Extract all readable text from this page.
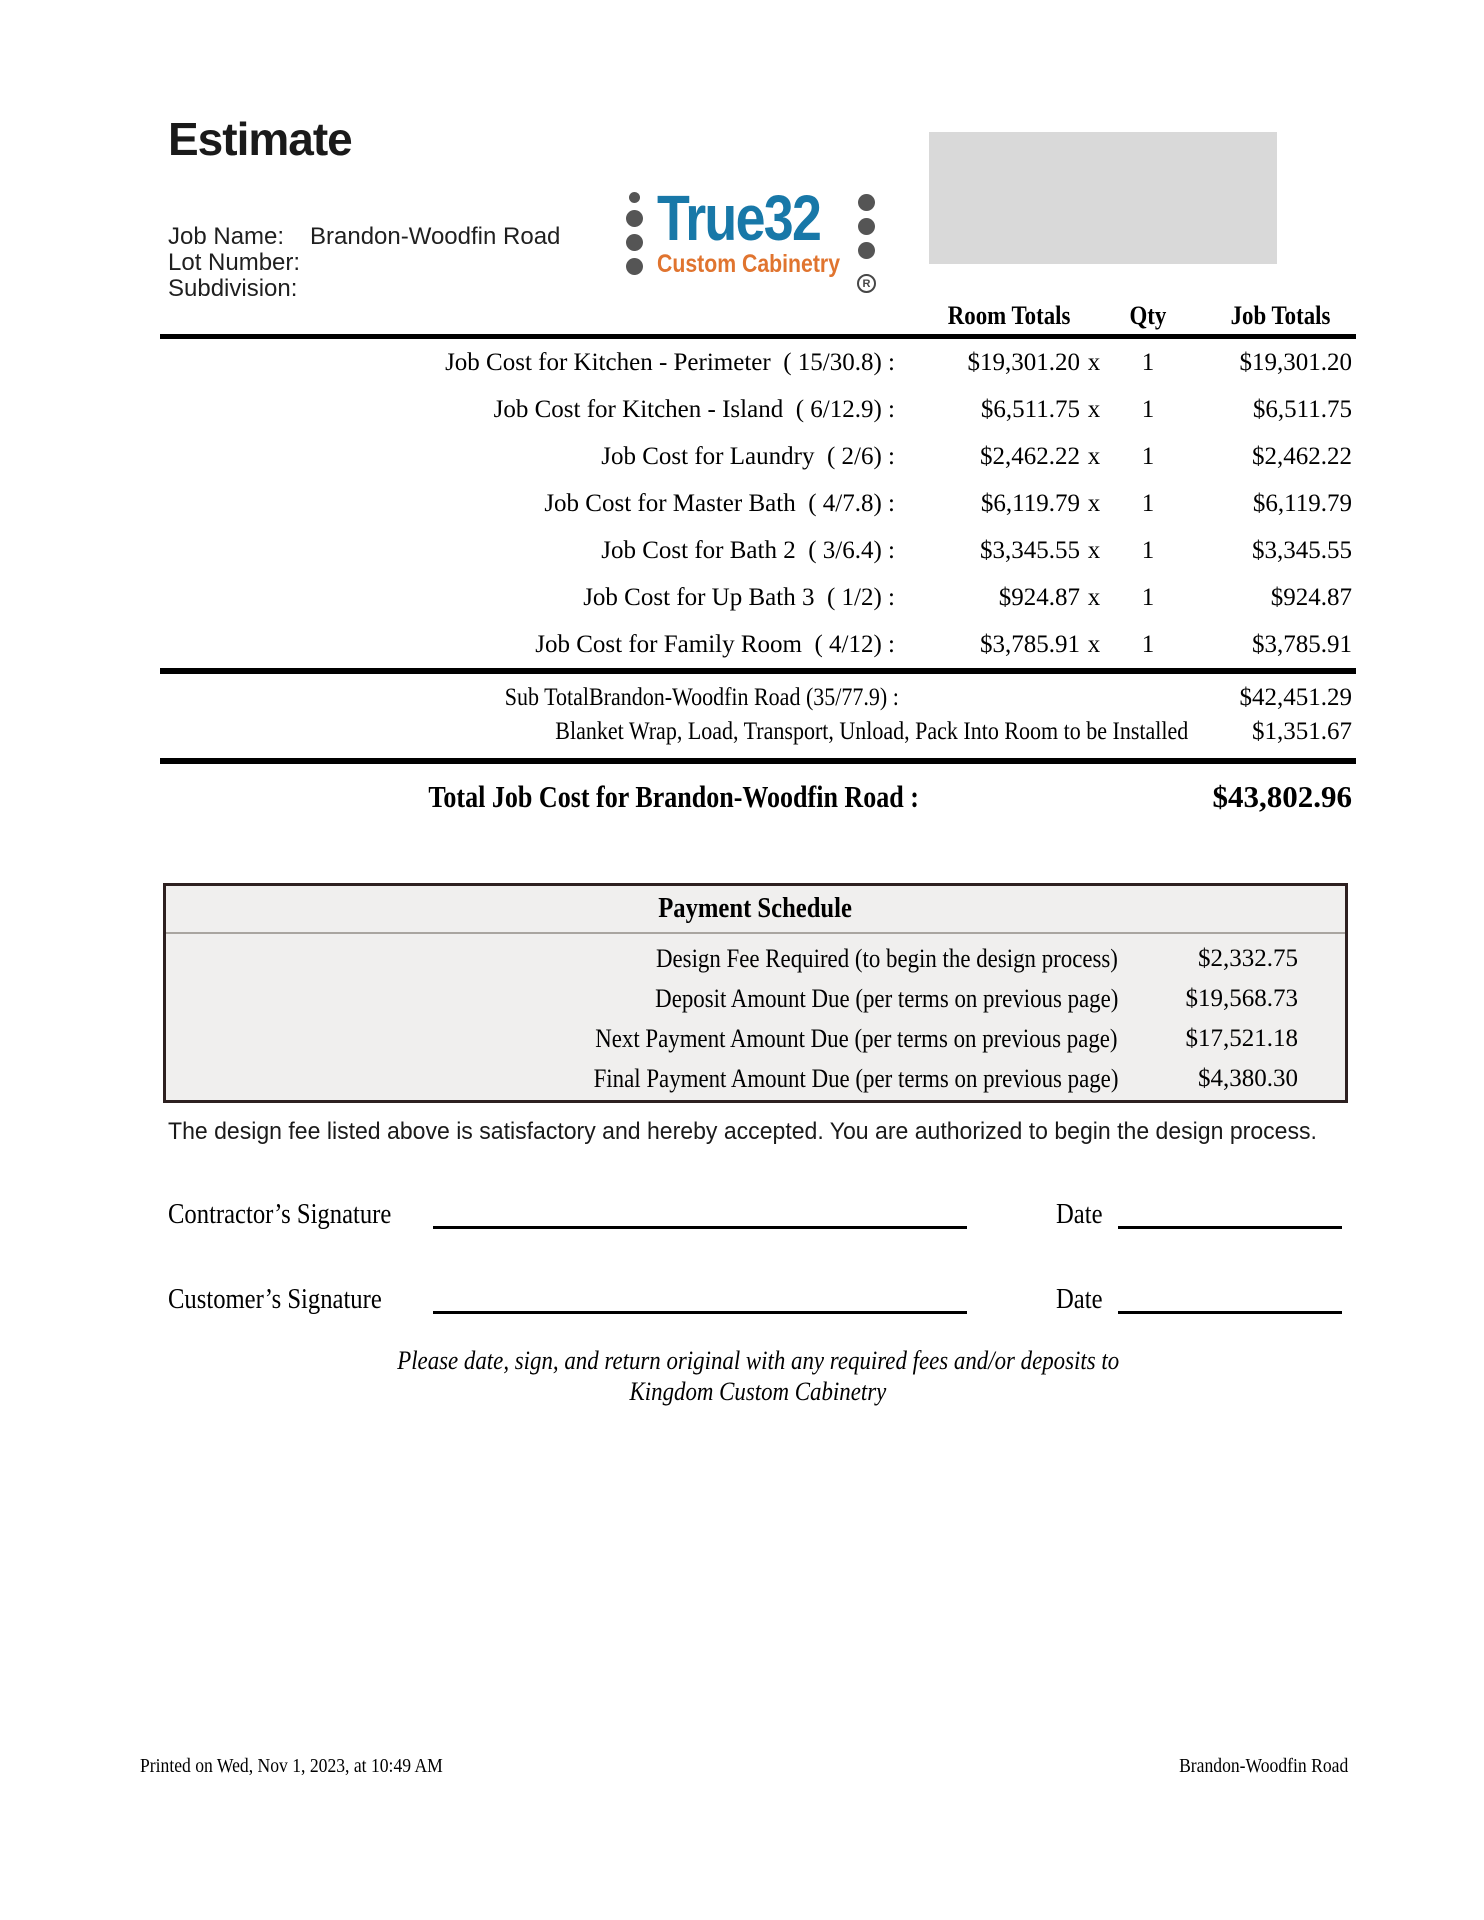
Estimate
Job Name:	Brandon-Woodfin Road
Lot Number:
Subdivision:
True32
Custom Cabinetry
R
Room Totals	Qty	Job Totals
Job Cost for Kitchen - Perimeter  ( 15/30.8) :	$19,301.20 x	1	$19,301.20
Job Cost for Kitchen - Island  ( 6/12.9) :	$6,511.75 x	1	$6,511.75
Job Cost for Laundry  ( 2/6) :	$2,462.22 x	1	$2,462.22
Job Cost for Master Bath  ( 4/7.8) :	$6,119.79 x	1	$6,119.79
Job Cost for Bath 2  ( 3/6.4) :	$3,345.55 x	1	$3,345.55
Job Cost for Up Bath 3  ( 1/2) :	$924.87 x	1	$924.87
Job Cost for Family Room  ( 4/12) :	$3,785.91 x	1	$3,785.91
Sub TotalBrandon-Woodfin Road (35/77.9) :	$42,451.29
Blanket Wrap, Load, Transport, Unload, Pack Into Room to be Installed	$1,351.67
Total Job Cost for Brandon-Woodfin Road :	$43,802.96
Payment Schedule
Design Fee Required (to begin the design process)	$2,332.75
Deposit Amount Due (per terms on previous page)	$19,568.73
Next Payment Amount Due (per terms on previous page)	$17,521.18
Final Payment Amount Due (per terms on previous page)	$4,380.30
The design fee listed above is satisfactory and hereby accepted. You are authorized to begin the design process.
Contractor’s Signature	Date
Customer’s Signature	Date
Please date, sign, and return original with any required fees and/or deposits to
Kingdom Custom Cabinetry
Printed on Wed, Nov 1, 2023, at 10:49 AM	Brandon-Woodfin Road
